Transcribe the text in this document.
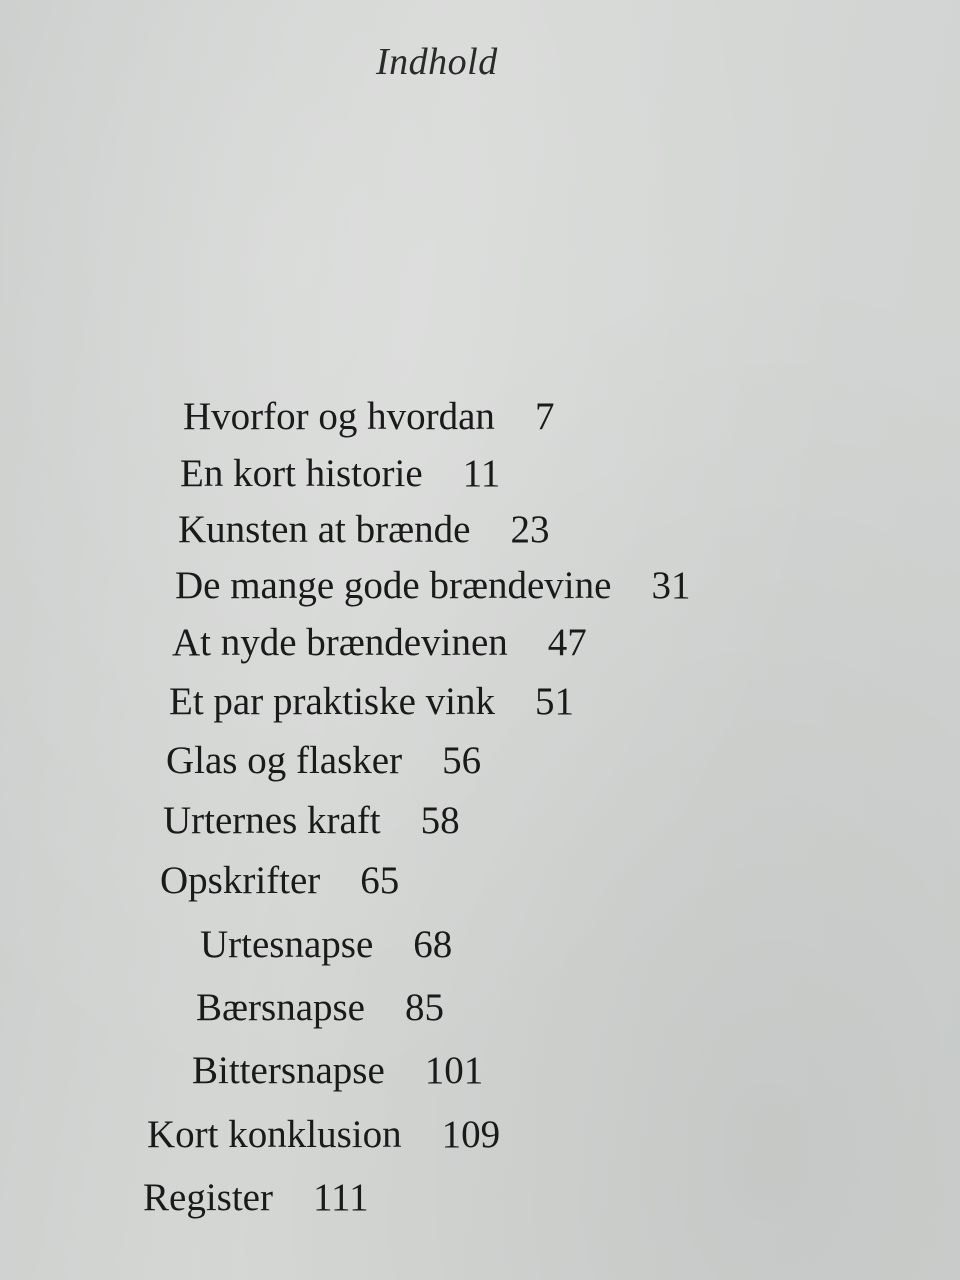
Indhold
Hvorfor og hvordan 7
En kort historie 11
Kunsten at brænde 23
De mange gode brændevine 31
At nyde brændevinen 47
Et par praktiske vink 51
Glas og flasker 56
Urternes kraft 58
Opskrifter 65
Urtesnapse 68
Bærsnapse 85
Bittersnapse 101
Kort konklusion 109
Register 111
